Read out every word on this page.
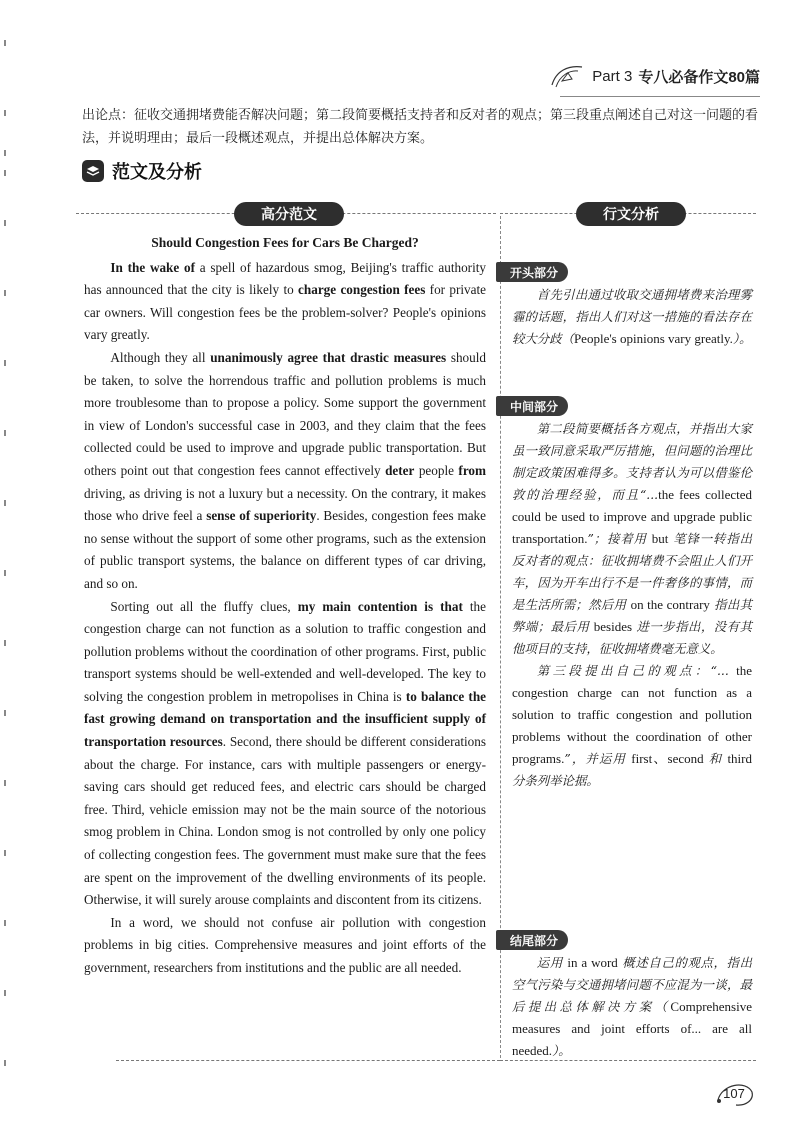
Part 3 专八必备作文80篇
出论点：征收交通拥堵费能否解决问题；第二段简要概括支持者和反对者的观点；第三段重点阐述自己对这一问题的看法，并说明理由；最后一段概述观点，并提出总体解决方案。
范文及分析
高分范文	行文分析
Should Congestion Fees for Cars Be Charged?

In the wake of a spell of hazardous smog, Beijing's traffic authority has announced that the city is likely to charge congestion fees for private car owners. Will congestion fees be the problem-solver? People's opinions vary greatly.

Although they all unanimously agree that drastic measures should be taken, to solve the horrendous traffic and pollution problems is much more troublesome than to propose a policy. Some support the government in view of London's successful case in 2003, and they claim that the fees collected could be used to improve and upgrade public transportation. But others point out that congestion fees cannot effectively deter people from driving, as driving is not a luxury but a necessity. On the contrary, it makes those who drive feel a sense of superiority. Besides, congestion fees make no sense without the support of some other programs, such as the extension of public transport systems, the balance on different types of car driving, and so on.

Sorting out all the fluffy clues, my main contention is that the congestion charge can not function as a solution to traffic congestion and pollution problems without the coordination of other programs. First, public transport systems should be well-extended and well-developed. The key to solving the congestion problem in metropolises in China is to balance the fast growing demand on transportation and the insufficient supply of transportation resources. Second, there should be different considerations about the charge. For instance, cars with multiple passengers or energy-saving cars should get reduced fees, and electric cars should be charged free. Third, vehicle emission may not be the main source of the notorious smog problem in China. London smog is not controlled by only one policy of collecting congestion fees. The government must make sure that the fees are spent on the improvement of the dwelling environments of its people. Otherwise, it will surely arouse complaints and discontent from its citizens.

In a word, we should not confuse air pollution with congestion problems in big cities. Comprehensive measures and joint efforts of the government, researchers from institutions and the public are all needed.

开头部分

首先引出通过收取交通拥堵费来治理雾霾的话题，指出人们对这一措施的看法存在较大分歧（People's opinions vary greatly.）。

中间部分

第二段简要概括各方观点，并指出大家虽一致同意采取严厉措施，但问题的治理比制定政策困难得多。支持者认为可以借鉴伦敦的治理经验，而且“...the fees collected could be used to improve and upgrade public transportation.”；接着用 but 笔锋一转指出反对者的观点：征收拥堵费不会阻止人们开车，因为开车出行不是一件奢侈的事情，而是生活所需；然后用 on the contrary 指出其弊端；最后用 besides 进一步指出，没有其他项目的支持，征收拥堵费毫无意义。

第三段提出自己的观点：“... the congestion charge can not function as a solution to traffic congestion and pollution problems without the coordination of other programs.”，并运用 first、second 和 third 分条列举论据。

结尾部分

运用 in a word 概述自己的观点，指出空气污染与交通拥堵问题不应混为一谈，最后提出总体解决方案（Comprehensive measures and joint efforts of... are all needed.）。

107
